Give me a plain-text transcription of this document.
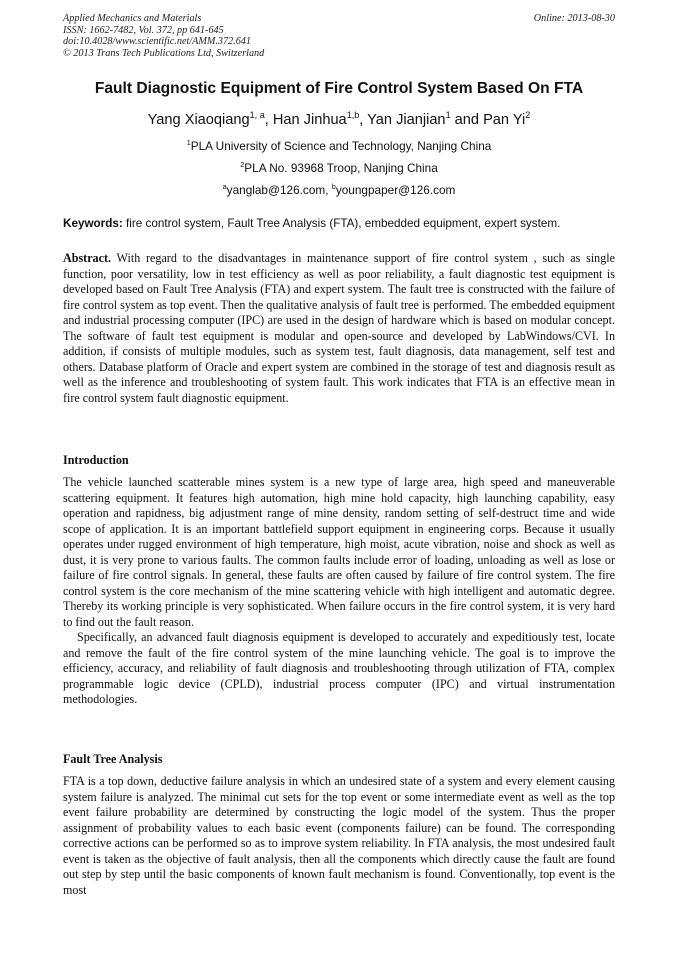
Applied Mechanics and Materials
ISSN: 1662-7482, Vol. 372, pp 641-645
doi:10.4028/www.scientific.net/AMM.372.641
© 2013 Trans Tech Publications Ltd, Switzerland
Online: 2013-08-30
Fault Diagnostic Equipment of Fire Control System Based On FTA
Yang Xiaoqiang$^{1, a}$, Han Jinhua$^{1,b}$, Yan Jianjian$^1$ and Pan Yi$^2$
$^1$PLA University of Science and Technology, Nanjing China
$^2$PLA No. 93968 Troop, Nanjing China
$^a$yanglab@126.com, $^b$youngpaper@126.com
Keywords: fire control system, Fault Tree Analysis (FTA), embedded equipment, expert system.

Abstract. With regard to the disadvantages in maintenance support of fire control system , such as single function, poor versatility, low in test efficiency as well as poor reliability, a fault diagnostic test equipment is developed based on Fault Tree Analysis (FTA) and expert system. The fault tree is constructed with the failure of fire control system as top event. Then the qualitative analysis of fault tree is performed. The embedded equipment and industrial processing computer (IPC) are used in the design of hardware which is based on modular concept. The software of fault test equipment is modular and open-source and developed by LabWindows/CVI. In addition, if consists of multiple modules, such as system test, fault diagnosis, data management, self test and others. Database platform of Oracle and expert system are combined in the storage of test and diagnosis result as well as the inference and troubleshooting of system fault. This work indicates that FTA is an effective mean in fire control system fault diagnostic equipment.

Introduction

The vehicle launched scatterable mines system is a new type of large area, high speed and maneuverable scattering equipment. It features high automation, high mine hold capacity, high launching capability, easy operation and rapidness, big adjustment range of mine density, random setting of self-destruct time and wide scope of application. It is an important battlefield support equipment in engineering corps. Because it usually operates under rugged environment of high temperature, high moist, acute vibration, noise and shock as well as dust, it is very prone to various faults. The common faults include error of loading, unloading as well as lose or failure of fire control signals. In general, these faults are often caused by failure of fire control system. The fire control system is the core mechanism of the mine scattering vehicle with high intelligent and automatic degree. Thereby its working principle is very sophisticated. When failure occurs in the fire control system, it is very hard to find out the fault reason.

Specifically, an advanced fault diagnosis equipment is developed to accurately and expeditiously test, locate and remove the fault of the fire control system of the mine launching vehicle. The goal is to improve the efficiency, accuracy, and reliability of fault diagnosis and troubleshooting through utilization of FTA, complex programmable logic device (CPLD), industrial process computer (IPC) and virtual instrumentation methodologies.

Fault Tree Analysis

FTA is a top down, deductive failure analysis in which an undesired state of a system and every element causing system failure is analyzed. The minimal cut sets for the top event or some intermediate event as well as the top event failure probability are determined by constructing the logic model of the system. Thus the proper assignment of probability values to each basic event (components failure) can be found. The corresponding corrective actions can be performed so as to improve system reliability. In FTA analysis, the most undesired fault event is taken as the objective of fault analysis, then all the components which directly cause the fault are found out step by step until the basic components of known fault mechanism is found. Conventionally, top event is the most
